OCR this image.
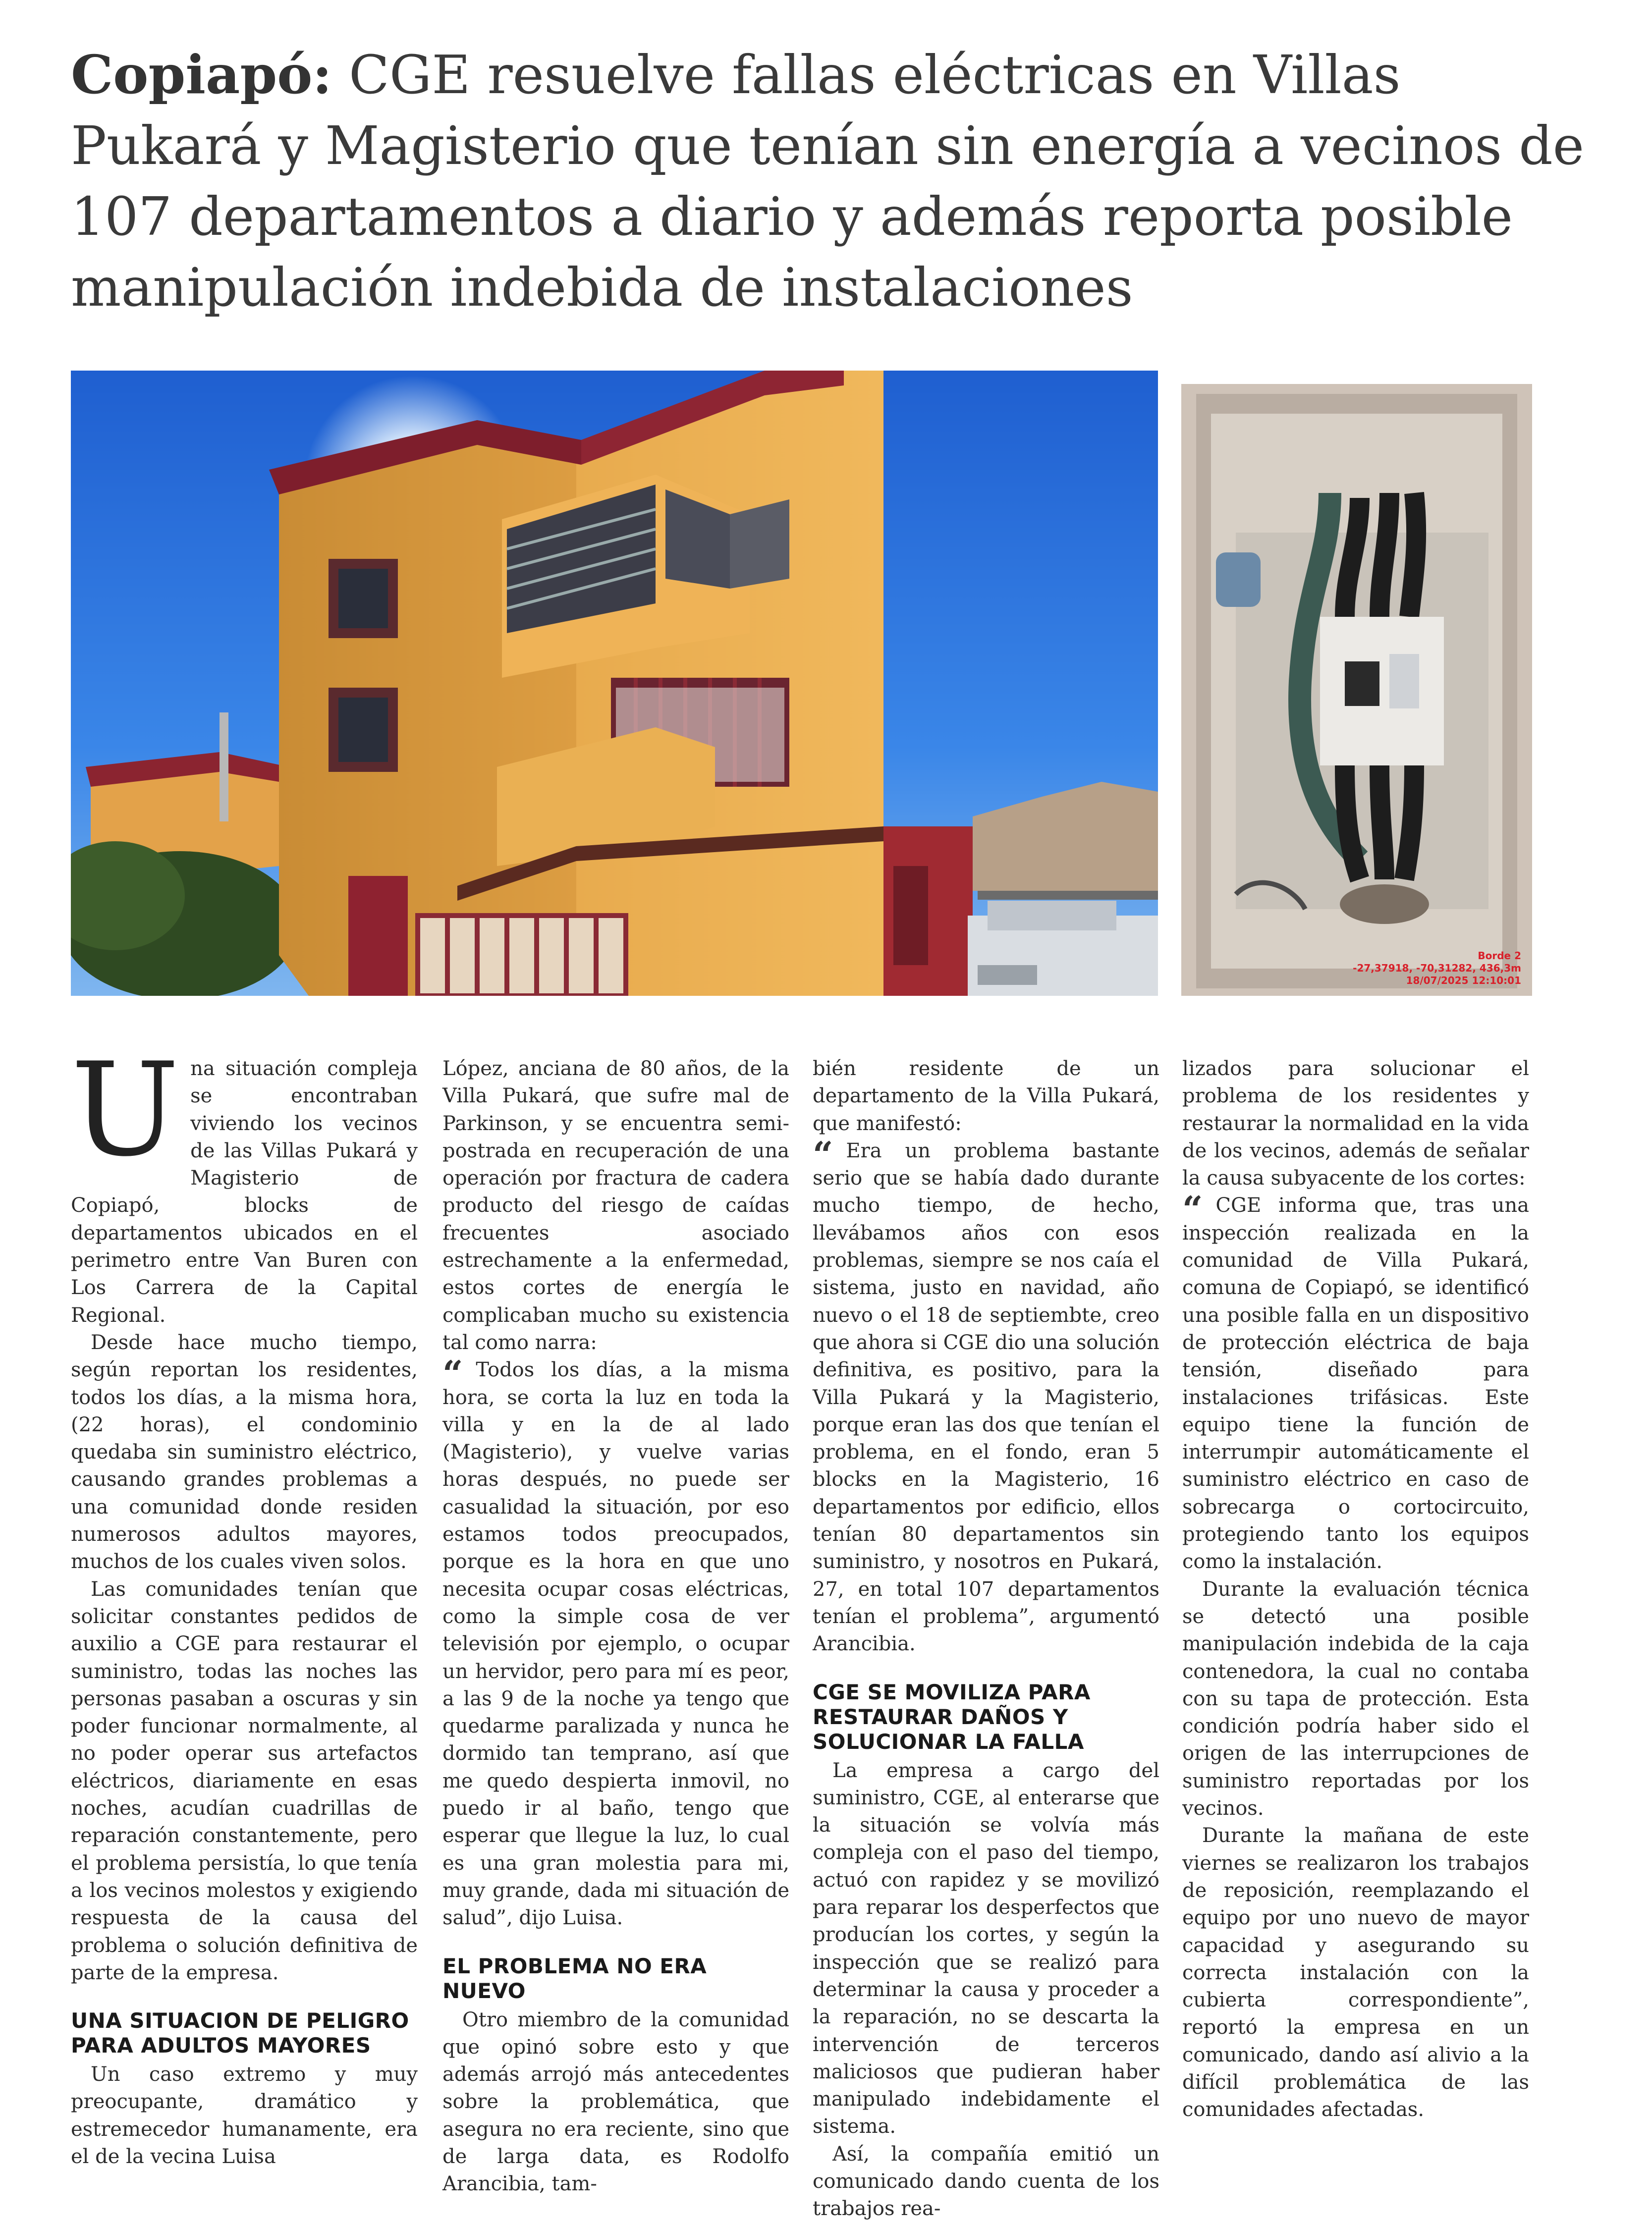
Copiapó: CGE resuelve fallas eléctricas en Villas Pukará y Magisterio que tenían sin energía a vecinos de 107 departamentos a diario y además reporta posible manipulación indebida de instalaciones
Borde 2
-27,37918, -70,31282, 436,3m
18/07/2025 12:10:01

Una situación compleja se encontraban viviendo los vecinos de las Villas Pukará y Magisterio de Copiapó, blocks de departamentos ubicados en el perimetro entre Van Buren con Los Carrera de la Capital Regional.

Desde hace mucho tiempo, según reportan los residentes, todos los días, a la misma hora, (22 horas), el condominio quedaba sin suministro eléctrico, causando grandes problemas a una comunidad donde residen numerosos adultos mayores, muchos de los cuales viven solos.

Las comunidades tenían que solicitar constantes pedidos de auxilio a CGE para restaurar el suministro, todas las noches las personas pasaban a oscuras y sin poder funcionar normalmente, al no poder operar sus artefactos eléctricos, diariamente en esas noches, acudían cuadrillas de reparación constantemente, pero el problema persistía, lo que tenía a los vecinos molestos y exigiendo respuesta de la causa del problema o solución definitiva de parte de la empresa.

UNA SITUACION DE PELIGRO PARA ADULTOS MAYORES

Un caso extremo y muy preocupante, dramático y estremecedor humanamente, era el de la vecina Luisa

López, anciana de 80 años, de la Villa Pukará, que sufre mal de Parkinson, y se encuentra semi-postrada en recuperación de una operación por fractura de cadera producto del riesgo de caídas frecuentes asociado estrechamente a la enfermedad, estos cortes de energía le complicaban mucho su existencia tal como narra:

“ Todos los días, a la misma hora, se corta la luz en toda la villa y en la de al lado (Magisterio), y vuelve varias horas después, no puede ser casualidad la situación, por eso estamos todos preocupados, porque es la hora en que uno necesita ocupar cosas eléctricas, como la simple cosa de ver televisión por ejemplo, o ocupar un hervidor, pero para mí es peor, a las 9 de la noche ya tengo que quedarme paralizada y nunca he dormido tan temprano, así que me quedo despierta inmovil, no puedo ir al baño, tengo que esperar que llegue la luz, lo cual es una gran molestia para mi, muy grande, dada mi situación de salud”, dijo Luisa.

EL PROBLEMA NO ERA NUEVO

Otro miembro de la comunidad que opinó sobre esto y que además arrojó más antecedentes sobre la problemática, que asegura no era reciente, sino que de larga data, es Rodolfo Arancibia, tam-

bién residente de un departamento de la Villa Pukará, que manifestó:

“ Era un problema bastante serio que se había dado durante mucho tiempo, de hecho, llevábamos años con esos problemas, siempre se nos caía el sistema, justo en navidad, año nuevo o el 18 de septiembte, creo que ahora si CGE dio una solución definitiva, es positivo, para la Villa Pukará y la Magisterio, porque eran las dos que tenían el problema, en el fondo, eran 5 blocks en la Magisterio, 16 departamentos por edificio, ellos tenían 80 departamentos sin suministro, y nosotros en Pukará, 27, en total 107 departamentos tenían el problema”, argumentó Arancibia.

CGE SE MOVILIZA PARA RESTAURAR DAÑOS Y SOLUCIONAR LA FALLA

La empresa a cargo del suministro, CGE, al enterarse que la situación se volvía más compleja con el paso del tiempo, actuó con rapidez y se movilizó para reparar los desperfectos que producían los cortes, y según la inspección que se realizó para determinar la causa y proceder a la reparación, no se descarta la intervención de terceros maliciosos que pudieran haber manipulado indebidamente el sistema.

Así, la compañía emitió un comunicado dando cuenta de los trabajos rea-

lizados para solucionar el problema de los residentes y restaurar la normalidad en la vida de los vecinos, además de señalar la causa subyacente de los cortes:

“ CGE informa que, tras una inspección realizada en la comunidad de Villa Pukará, comuna de Copiapó, se identificó una posible falla en un dispositivo de protección eléctrica de baja tensión, diseñado para instalaciones trifásicas. Este equipo tiene la función de interrumpir automáticamente el suministro eléctrico en caso de sobrecarga o cortocircuito, protegiendo tanto los equipos como la instalación.

Durante la evaluación técnica se detectó una posible manipulación indebida de la caja contenedora, la cual no contaba con su tapa de protección. Esta condición podría haber sido el origen de las interrupciones de suministro reportadas por los vecinos.

Durante la mañana de este viernes se realizaron los trabajos de reposición, reemplazando el equipo por uno nuevo de mayor capacidad y asegurando su correcta instalación con la cubierta correspondiente”, reportó la empresa en un comunicado, dando así alivio a la difícil problemática de las comunidades afectadas.
